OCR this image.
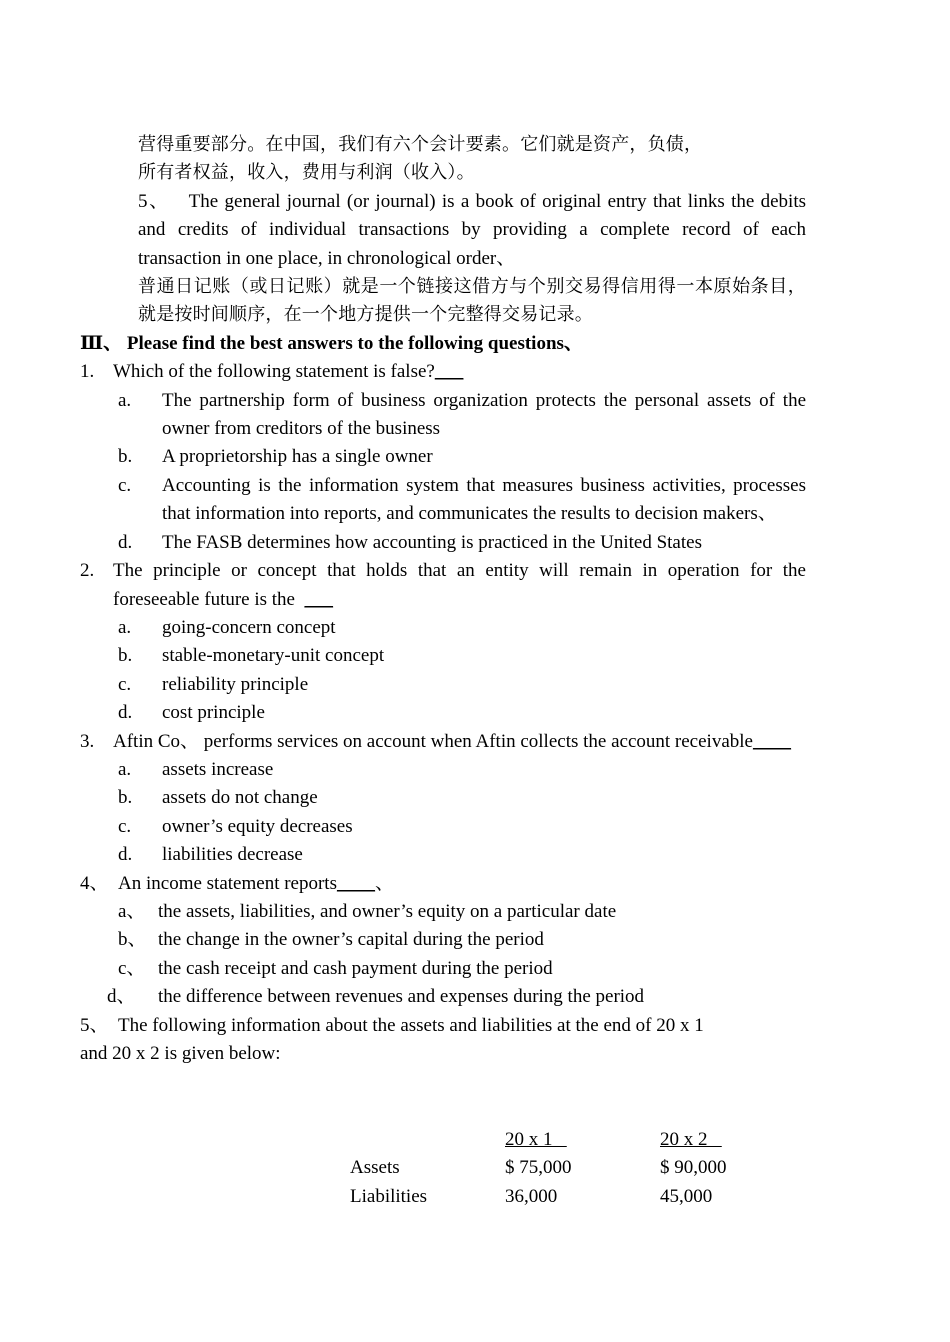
营得重要部分。在中国，我们有六个会计要素。它们就是资产，负债，
所有者权益，收入，费用与利润（收入）。
5、 The general journal (or journal) is a book of original entry that links the debits and credits of individual transactions by providing a complete record of each transaction in one place, in chronological order、
普通日记账（或日记账）就是一个链接这借方与个别交易得信用得一本原始条目，就是按时间顺序，在一个地方提供一个完整得交易记录。
Ⅲ、 Please find the best answers to the following questions、
1. Which of the following statement is false?___
a.	The partnership form of business organization protects the personal assets of the owner from creditors of the business
b.	A proprietorship has a single owner
c.	Accounting is the information system that measures business activities, processes that information into reports, and communicates the results to decision makers、
d.	The FASB determines how accounting is practiced in the United States
2. The principle or concept that holds that an entity will remain in operation for the foreseeable future is the ___
a.	going-concern concept
b.	stable-monetary-unit concept
c.	reliability principle
d.	cost principle
3. Aftin Co、 performs services on account when Aftin collects the account receivable____
a.	assets increase
b.	assets do not change
c.	owner’s equity decreases
d.	liabilities decrease
4、 An income statement reports____、
a、 the assets, liabilities, and owner’s equity on a particular date
b、 the change in the owner’s capital during the period
c、 the cash receipt and cash payment during the period
d、	the difference between revenues and expenses during the period
5、 The following information about the assets and liabilities at the end of 20 x 1
and 20 x 2 is given below:
	20 x 1	20 x 2
Assets	$ 75,000	$ 90,000
Liabilities	36,000	45,000
